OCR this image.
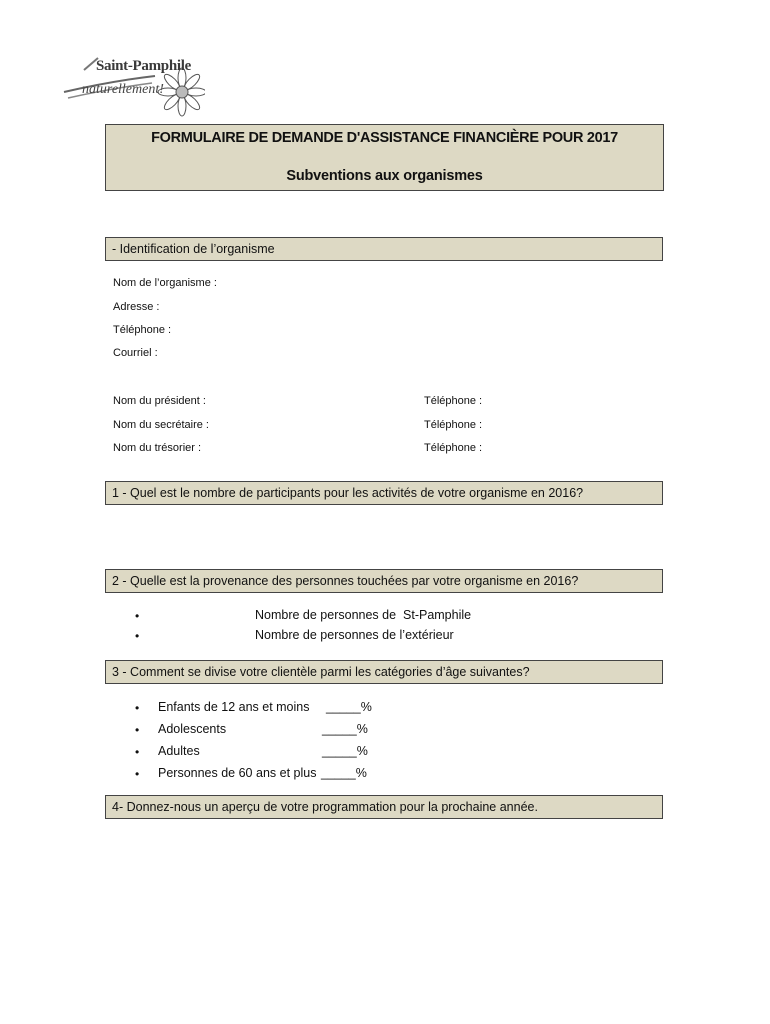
Saint-Pamphile
naturellement!
FORMULAIRE DE DEMANDE D'ASSISTANCE FINANCIÈRE POUR 2017
Subventions aux organismes
- Identification de l’organisme
Nom de l’organisme :
Adresse :
Téléphone :
Courriel :
Nom du président :	Téléphone :
Nom du secrétaire :	Téléphone :
Nom du trésorier :	Téléphone :
1 - Quel est le nombre de participants pour les activités de votre organisme en 2016?
2 - Quelle est la provenance des personnes touchées par votre organisme en 2016?
•	Nombre de personnes de  St-Pamphile
•	Nombre de personnes de l’extérieur
3 - Comment se divise votre clientèle parmi les catégories d’âge suivantes?
• Enfants de 12 ans et moins _____%
• Adolescents	_____%
• Adultes	_____%
• Personnes de 60 ans et plus _____%
4- Donnez-nous un aperçu de votre programmation pour la prochaine année.
